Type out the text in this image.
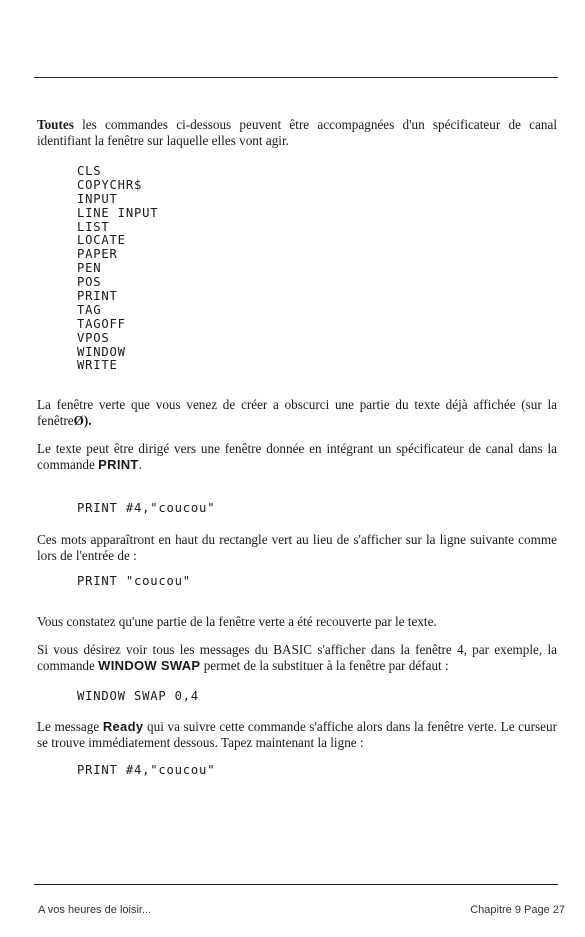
Toutes les commandes ci-dessous peuvent être accompagnées d'un spécificateur de canal identifiant la fenêtre sur laquelle elles vont agir.

CLS
COPYCHR$
INPUT
LINE INPUT
LIST
LOCATE
PAPER
PEN
POS
PRINT
TAG
TAGOFF
VPOS
WINDOW
WRITE

La fenêtre verte que vous venez de créer a obscurci une partie du texte déjà affichée (sur la fenêtreØ).

Le texte peut être dirigé vers une fenêtre donnée en intégrant un spécificateur de canal dans la commande PRINT.

PRINT #4,"coucou"

Ces mots apparaîtront en haut du rectangle vert au lieu de s'afficher sur la ligne suivante comme lors de l'entrée de :

PRINT "coucou"

Vous constatez qu'une partie de la fenêtre verte a été recouverte par le texte.

Si vous désirez voir tous les messages du BASIC s'afficher dans la fenêtre 4, par exemple, la commande WINDOW SWAP permet de la substituer à la fenêtre par défaut :

WINDOW SWAP 0,4

Le message Ready qui va suivre cette commande s'affiche alors dans la fenêtre verte. Le curseur se trouve immédiatement dessous. Tapez maintenant la ligne :

PRINT #4,"coucou"
A vos heures de loisir...	Chapitre 9 Page 27
